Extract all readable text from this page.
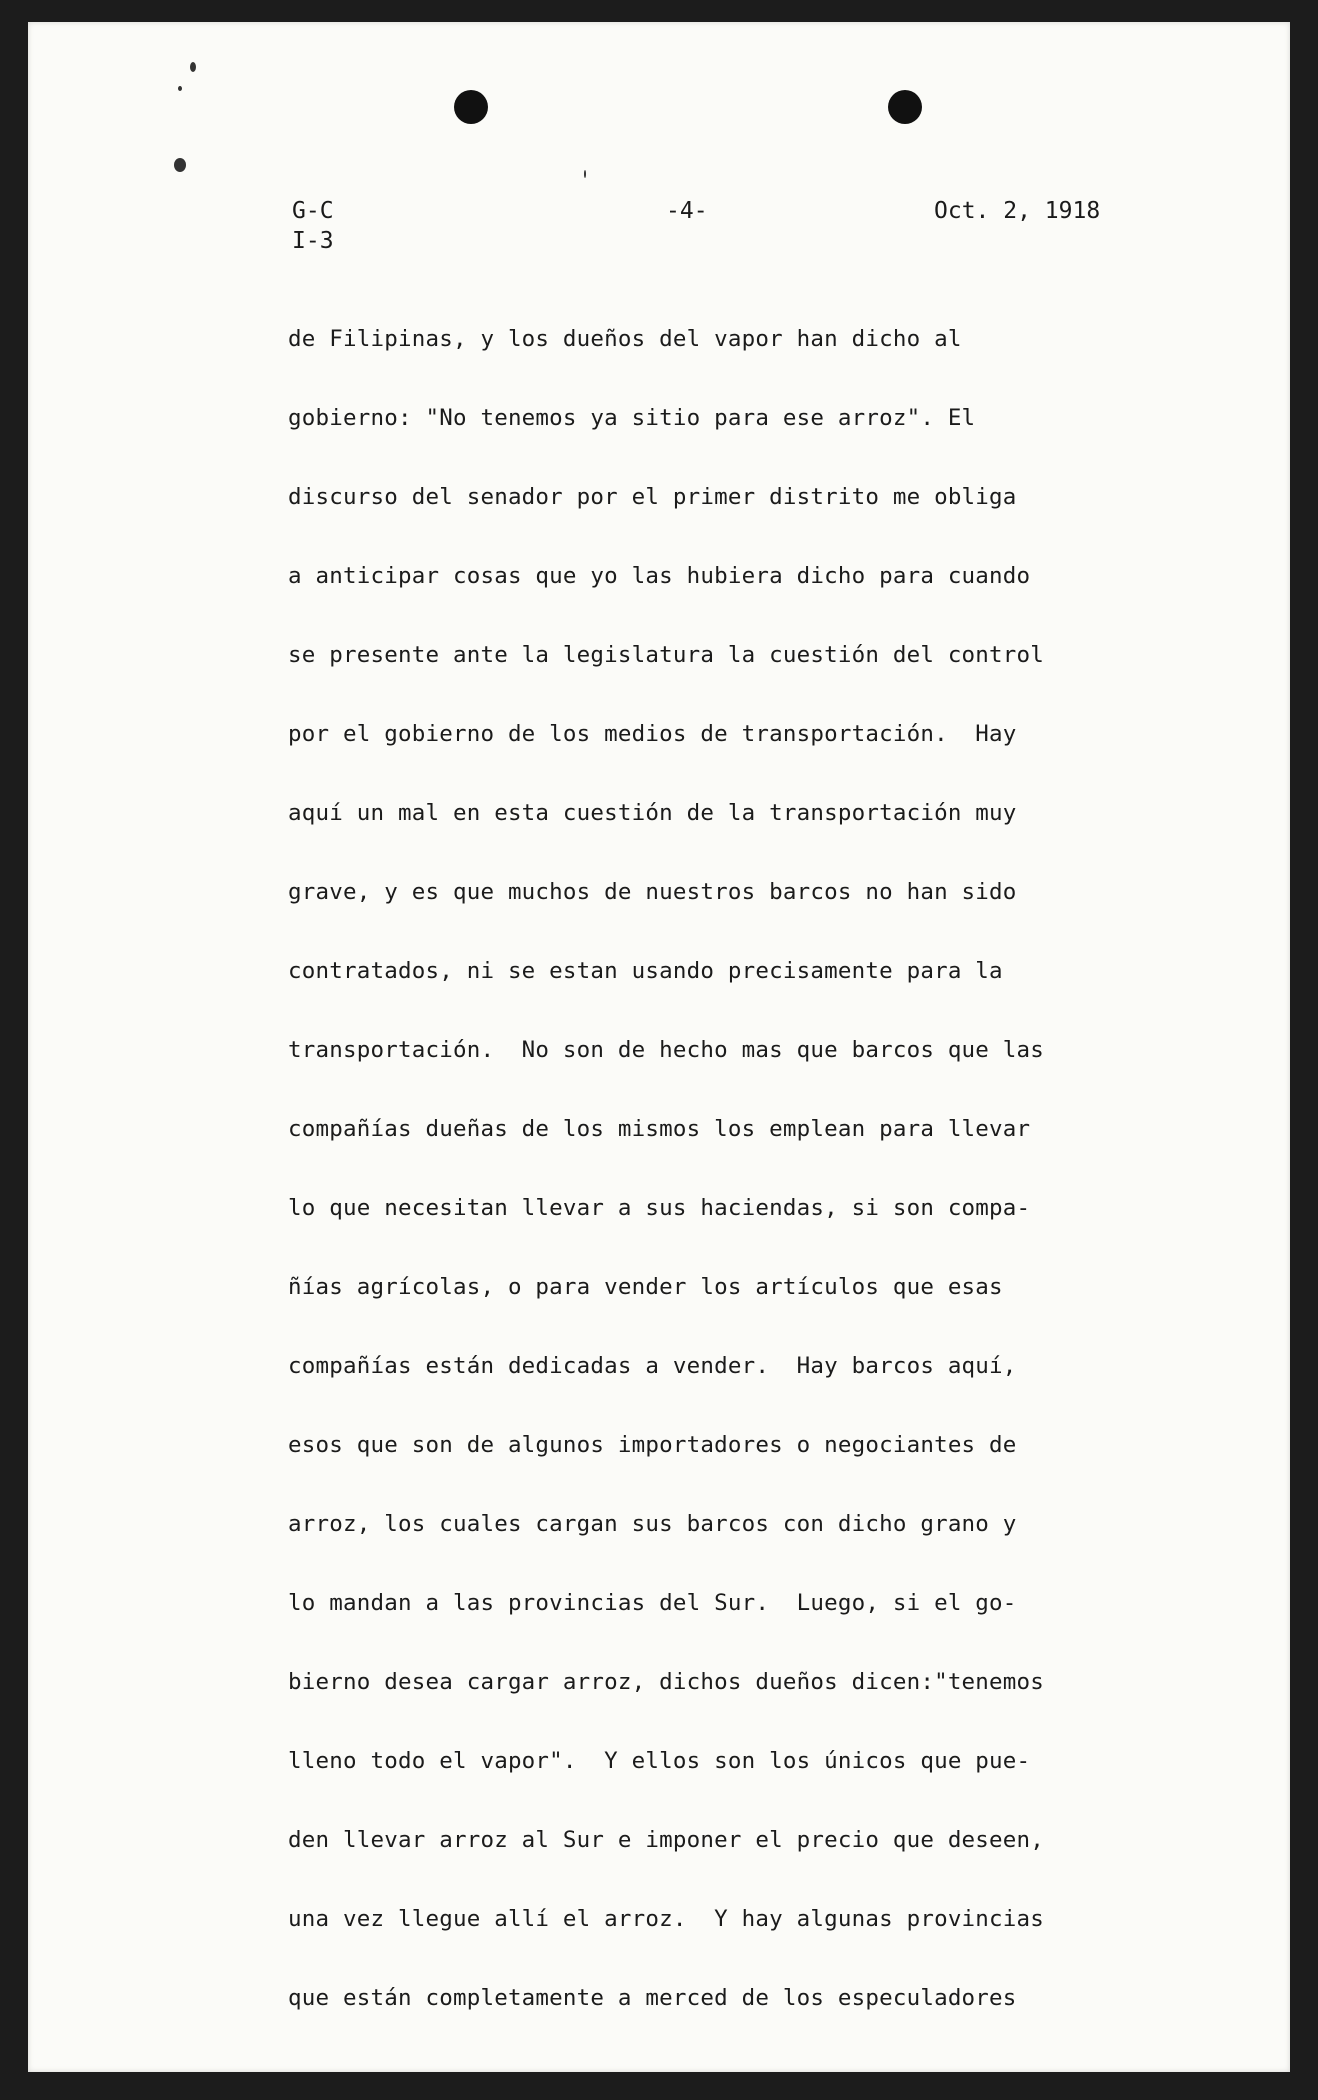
G-C
I-3
-4-	Oct. 2, 1918
de Filipinas, y los dueños del vapor han dicho al
gobierno: "No tenemos ya sitio para ese arroz". El
discurso del senador por el primer distrito me obliga
a anticipar cosas que yo las hubiera dicho para cuando
se presente ante la legislatura la cuestión del control
por el gobierno de los medios de transportación.  Hay
aquí un mal en esta cuestión de la transportación muy
grave, y es que muchos de nuestros barcos no han sido
contratados, ni se estan usando precisamente para la
transportación.  No son de hecho mas que barcos que las
compañías dueñas de los mismos los emplean para llevar
lo que necesitan llevar a sus haciendas, si son compa-
ñías agrícolas, o para vender los artículos que esas
compañías están dedicadas a vender.  Hay barcos aquí,
esos que son de algunos importadores o negociantes de
arroz, los cuales cargan sus barcos con dicho grano y
lo mandan a las provincias del Sur.  Luego, si el go-
bierno desea cargar arroz, dichos dueños dicen:"tenemos
lleno todo el vapor".  Y ellos son los únicos que pue-
den llevar arroz al Sur e imponer el precio que deseen,
una vez llegue allí el arroz.  Y hay algunas provincias
que están completamente a merced de los especuladores
